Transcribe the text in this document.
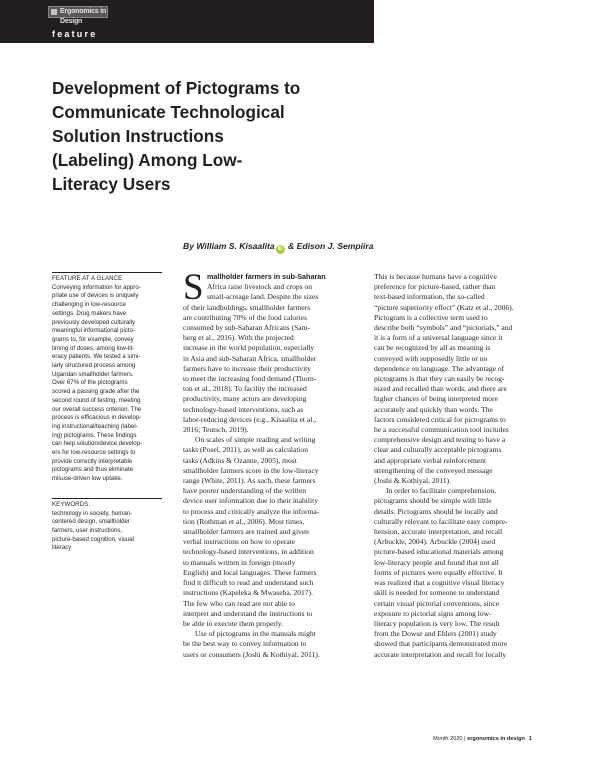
Ergonomics in Design
feature
Development of Pictograms to
Communicate Technological
Solution Instructions
(Labeling) Among Low-
Literacy Users
By William S. Kisaalita iD & Edison J. Sempiira
FEATURE AT A GLANCE
Conveying information for appro-
priate use of devices is uniquely
challenging in low-resource
settings. Drug makers have
previously developed culturally
meaningful informational picto-
grams to, for example, convey
timing of doses, among low-lit-
eracy patients. We tested a simi-
larly structured process among
Ugandan smallholder farmers.
Over 67% of the pictograms
scored a passing grade after the
second round of testing, meeting
our overall success criterion. The
process is efficacious in develop-
ing instructional/teaching (label-
ing) pictograms. These findings
can help solution/device develop-
ers for low-resource settings to
provide correctly interpretable
pictograms and thus eliminate
misuse-driven low uptake.
KEYWORDS:
technology in society, human-
centered design, smallholder
farmers, user instructions,
picture-based cognition, visual
literacy
S mallholder farmers in sub-Saharan
Africa raise livestock and crops on
small-acreage land. Despite the sizes
of their landholdings, smallholder farmers
are contributing 70% of the food calories
consumed by sub-Saharan Africans (Sam-
berg et al., 2016). With the projected
increase in the world population, especially
in Asia and sub-Saharan Africa, smallholder
farmers have to increase their productivity
to meet the increasing food demand (Thorn-
ton et al., 2018). To facility the increased
productivity, many actors are developing
technology-based interventions, such as
labor-reducing devices (e.g., Kisaalita et al.,
2016; Teutsch, 2019).
On scales of simple reading and writing
tasks (Posel, 2011), as well as calculation
tasks (Adkins & Ozanne, 2005), most
smallholder farmers score in the low-literacy
range (White, 2011). As such, these farmers
have poorer understanding of the written
device user information due to their inability
to process and critically analyze the informa-
tion (Rothman et al., 2006). Most times,
smallholder farmers are trained and given
verbal instructions on how to operate
technology-based interventions, in addition
to manuals written in foreign (mostly
English) and local languages. These farmers
find it difficult to read and understand such
instructions (Kapeleka & Mwaseba, 2017).
The few who can read are not able to
interpret and understand the instructions to
be able to execute them properly.
Use of pictograms in the manuals might
be the best way to convey information to
users or consumers (Joshi & Kothiyal, 2011).
This is because humans have a cognitive
preference for picture-based, rather than
text-based information, the so-called
“picture superiority effect” (Katz et al., 2006).
Pictogram is a collective term used to
describe both “symbols” and “pictorials,” and
it is a form of a universal language since it
can be recognized by all as meaning is
conveyed with supposedly little or no
dependence on language. The advantage of
pictograms is that they can easily be recog-
nized and recalled than words, and there are
higher chances of being interpreted more
accurately and quickly than words. The
factors considered critical for pictograms to
be a successful communication tool includes
comprehensive design and testing to have a
clear and culturally acceptable pictograms
and appropriate verbal reinforcement
strengthening of the conveyed message
(Joshi & Kothiyal, 2011).
In order to facilitate comprehension,
pictograms should be simple with little
details. Pictograms should be locally and
culturally relevant to facilitate easy compre-
hension, accurate interpretation, and recall
(Arbuckle, 2004). Arbuckle (2004) used
picture-based educational materials among
low-literacy people and found that not all
forms of pictures were equally effective. It
was realized that a cognitive visual literacy
skill is needed for someone to understand
certain visual pictorial conventions, since
exposure to pictorial signs among low-
literacy population is very low. The result
from the Dowse and Ehlers (2001) study
showed that participants demonstrated more
accurate interpretation and recall for locally
Month 2020 | ergonomics in design 1
